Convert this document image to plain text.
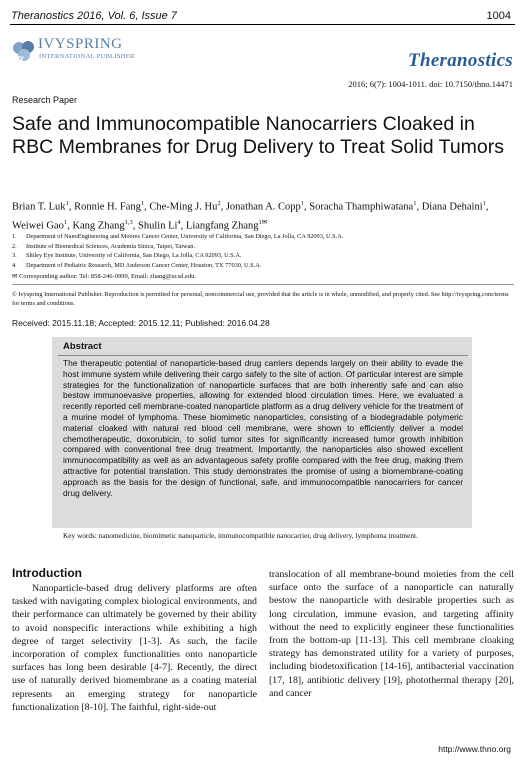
Theranostics 2016, Vol. 6, Issue 7	1004
ivy
IVYSPRING
INTERNATIONAL PUBLISHER	Theranostics
2016; 6(7): 1004-1011. doi: 10.7150/thno.14471
Research Paper
Safe and Immunocompatible Nanocarriers Cloaked in RBC Membranes for Drug Delivery to Treat Solid Tumors
Brian T. Luk$^1$, Ronnie H. Fang$^1$, Che-Ming J. Hu$^2$, Jonathan A. Copp$^1$, Soracha Thamphiwatana$^1$, Diana Dehaini$^1$, Weiwei Gao$^1$, Kang Zhang$^{1,3}$, Shulin Li$^4$, Liangfang Zhang$^{1✉}$
1. Department of NanoEngineering and Moores Cancer Center, University of California, San Diego, La Jolla, CA 92093, U.S.A.
2. Institute of Biomedical Sciences, Academia Sinica, Taipei, Taiwan.
3. Shiley Eye Institute, University of California, San Diego, La Jolla, CA 92093, U.S.A.
4. Department of Pediatric Research, MD Anderson Cancer Center, Houston, TX 77030, U.S.A.
✉ Corresponding author: Tel: 858-246-0999, Email: zhang@ucsd.edu.
© Ivyspring International Publisher. Reproduction is permitted for personal, noncommercial use, provided that the article is in whole, unmodified, and properly cited. See http://ivyspring.com/terms for terms and conditions.
Received: 2015.11.18; Accepted: 2015.12.11; Published: 2016.04.28
Abstract
The therapeutic potential of nanoparticle-based drug carriers depends largely on their ability to evade the host immune system while delivering their cargo safely to the site of action. Of particular interest are simple strategies for the functionalization of nanoparticle surfaces that are both inherently safe and can also bestow immunoevasive properties, allowing for extended blood circulation times. Here, we evaluated a recently reported cell membrane-coated nanoparticle platform as a drug delivery vehicle for the treatment of a murine model of lymphoma. These biomimetic nanoparticles, consisting of a biodegradable polymeric material cloaked with natural red blood cell membrane, were shown to efficiently deliver a model chemotherapeutic, doxorubicin, to solid tumor sites for significantly increased tumor growth inhibition compared with conventional free drug treatment. Importantly, the nanoparticles also showed excellent immunocompatibility as well as an advantageous safety profile compared with the free drug, making them attractive for potential translation. This study demonstrates the promise of using a biomembrane-coating approach as the basis for the design of functional, safe, and immunocompatible nanocarriers for cancer drug delivery.
Key words: nanomedicine, biomimetic nanoparticle, immunocompatible nanocarrier, drug delivery, lymphoma treatment.
Introduction

Nanoparticle-based drug delivery platforms are often tasked with navigating complex biological environments, and their performance can ultimately be governed by their ability to avoid nonspecific interactions while exhibiting a high degree of target selectivity [1-3]. As such, the facile incorporation of complex functionalities onto nanoparticle surfaces has long been desirable [4-7]. Recently, the direct use of naturally derived biomembrane as a coating material represents an emerging strategy for nanoparticle functionalization [8-10]. The faithful, right-side-out

translocation of all membrane-bound moieties from the cell surface onto the surface of a nanoparticle can naturally bestow the nanoparticle with desirable properties such as long circulation, immune evasion, and targeting affinity without the need to explicitly engineer these functionalities from the bottom-up [11-13]. This cell membrane cloaking strategy has demonstrated utility for a variety of purposes, including biodetoxification [14-16], antibacterial vaccination [17, 18], antibiotic delivery [19], photothermal therapy [20], and cancer

http://www.thno.org
